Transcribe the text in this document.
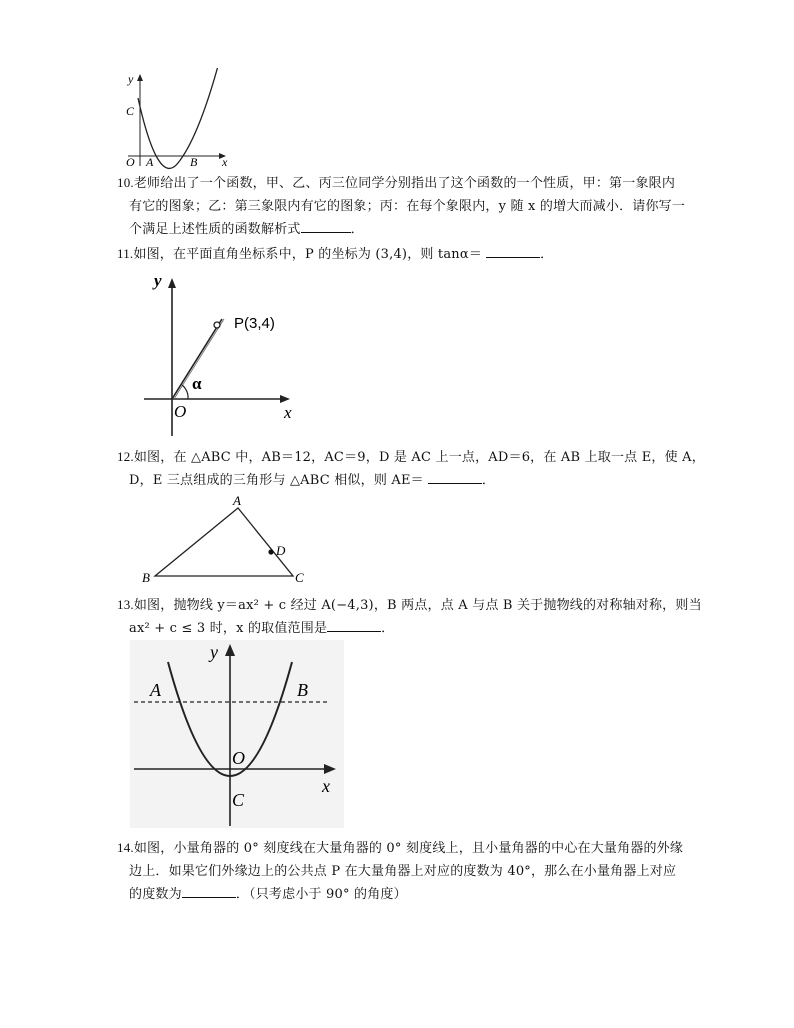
y
C
O A	B x
10.老师给出了一个函数，甲、乙、丙三位同学分别指出了这个函数的一个性质，甲：第一象限内
有它的图象；乙：第三象限内有它的图象；丙：在每个象限内，y 随 x 的增大而减小．请你写一
个满足上述性质的函数解析式	．
11.如图，在平面直角坐标系中，P 的坐标为 (3,4)，则 tanα＝	．
y
P(3,4)
α
O	x
12.如图，在 △ABC 中，AB＝12，AC＝9，D 是 AC 上一点，AD＝6，在 AB 上取一点 E，使 A，
D，E 三点组成的三角形与 △ABC 相似，则 AE＝	．
A
D
B	C
13.如图，抛物线 y＝ax² + c 经过 A(−4,3)，B 两点，点 A 与点 B 关于抛物线的对称轴对称，则当
ax² + c ≤ 3 时，x 的取值范围是	．
y
A	B
O
C
x
14.如图，小量角器的 0° 刻度线在大量角器的 0° 刻度线上，且小量角器的中心在大量角器的外缘
边上．如果它们外缘边上的公共点 P 在大量角器上对应的度数为 40°，那么在小量角器上对应
的度数为	．（只考虑小于 90° 的角度）
